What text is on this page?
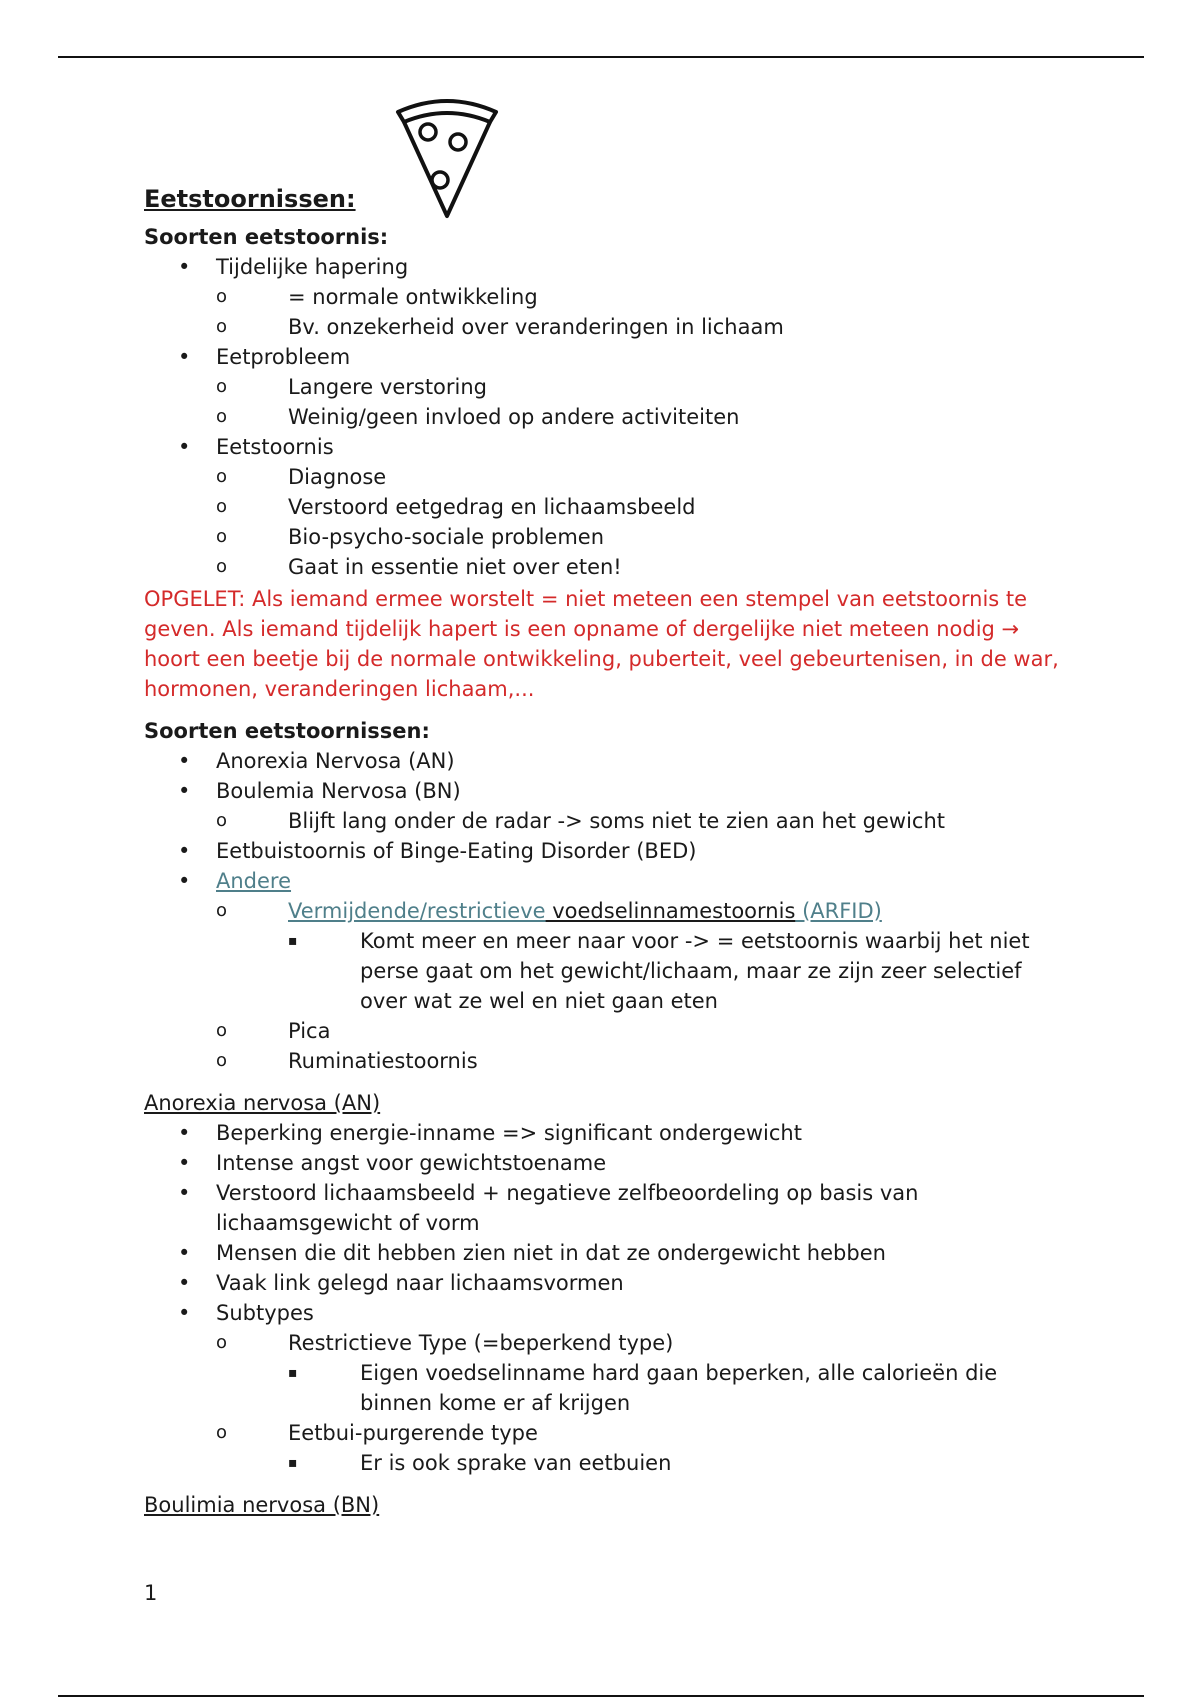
Eetstoornissen:
Soorten eetstoornis:
• Tijdelijke hapering
o = normale ontwikkeling
o Bv. onzekerheid over veranderingen in lichaam
• Eetprobleem
o Langere verstoring
o Weinig/geen invloed op andere activiteiten
• Eetstoornis
o Diagnose
o Verstoord eetgedrag en lichaamsbeeld
o Bio-psycho-sociale problemen
o Gaat in essentie niet over eten!
OPGELET: Als iemand ermee worstelt = niet meteen een stempel van eetstoornis te geven. Als iemand tijdelijk hapert is een opname of dergelijke niet meteen nodig → hoort een beetje bij de normale ontwikkeling, puberteit, veel gebeurtenisen, in de war, hormonen, veranderingen lichaam,...
Soorten eetstoornissen:
• Anorexia Nervosa (AN)
• Boulemia Nervosa (BN)
o Blijft lang onder de radar -> soms niet te zien aan het gewicht
• Eetbuistoornis of Binge-Eating Disorder (BED)
• Andere
o Vermijdende/restrictieve voedselinnamestoornis (ARFID)
▪ Komt meer en meer naar voor -> = eetstoornis waarbij het niet perse gaat om het gewicht/lichaam, maar ze zijn zeer selectief over wat ze wel en niet gaan eten
o Pica
o Ruminatiestoornis
Anorexia nervosa (AN)
• Beperking energie-inname => significant ondergewicht
• Intense angst voor gewichtstoename
• Verstoord lichaamsbeeld + negatieve zelfbeoordeling op basis van lichaamsgewicht of vorm
• Mensen die dit hebben zien niet in dat ze ondergewicht hebben
• Vaak link gelegd naar lichaamsvormen
• Subtypes
o Restrictieve Type (=beperkend type)
▪ Eigen voedselinname hard gaan beperken, alle calorieën die binnen kome er af krijgen
o Eetbui-purgerende type
▪ Er is ook sprake van eetbuien
Boulimia nervosa (BN)
1
